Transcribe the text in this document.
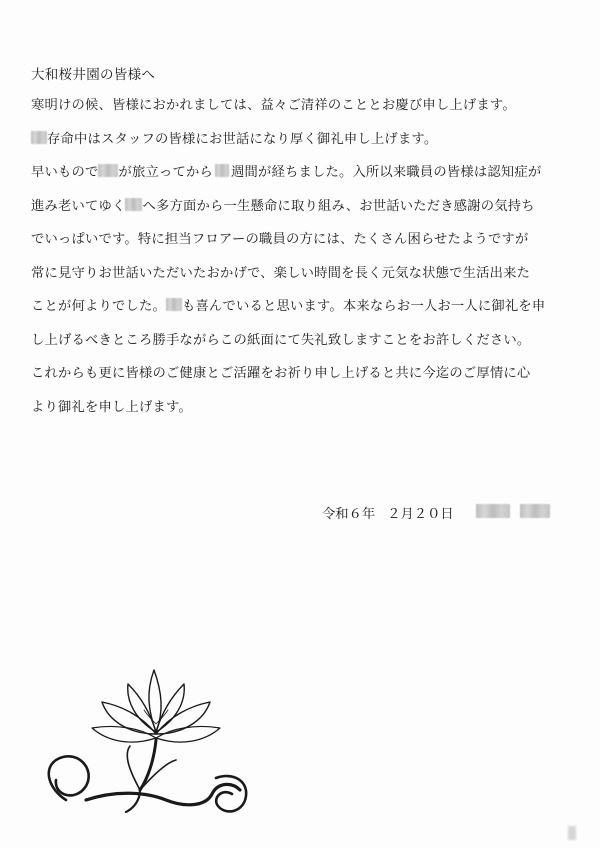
大和桜井園の皆様へ
寒明けの候、皆様におかれましては、益々ご清祥のこととお慶び申し上げます。
存命中はスタッフの皆様にお世話になり厚く御礼申し上げます。
早いもので が旅立ってから 週間が経ちました。入所以来職員の皆様は認知症が
進み老いてゆく へ多方面から一生懸命に取り組み、お世話いただき感謝の気持ち
でいっぱいです。特に担当フロアーの職員の方には、たくさん困らせたようですが
常に見守りお世話いただいたおかげで、楽しい時間を長く元気な状態で生活出来た
ことが何よりでした。 も喜んでいると思います。本来ならお一人お一人に御礼を申
し上げるべきところ勝手ながらこの紙面にて失礼致しますことをお許しください。
これからも更に皆様のご健康とご活躍をお祈り申し上げると共に今迄のご厚情に心
より御礼を申し上げます。
令和６年 ２月２０日
